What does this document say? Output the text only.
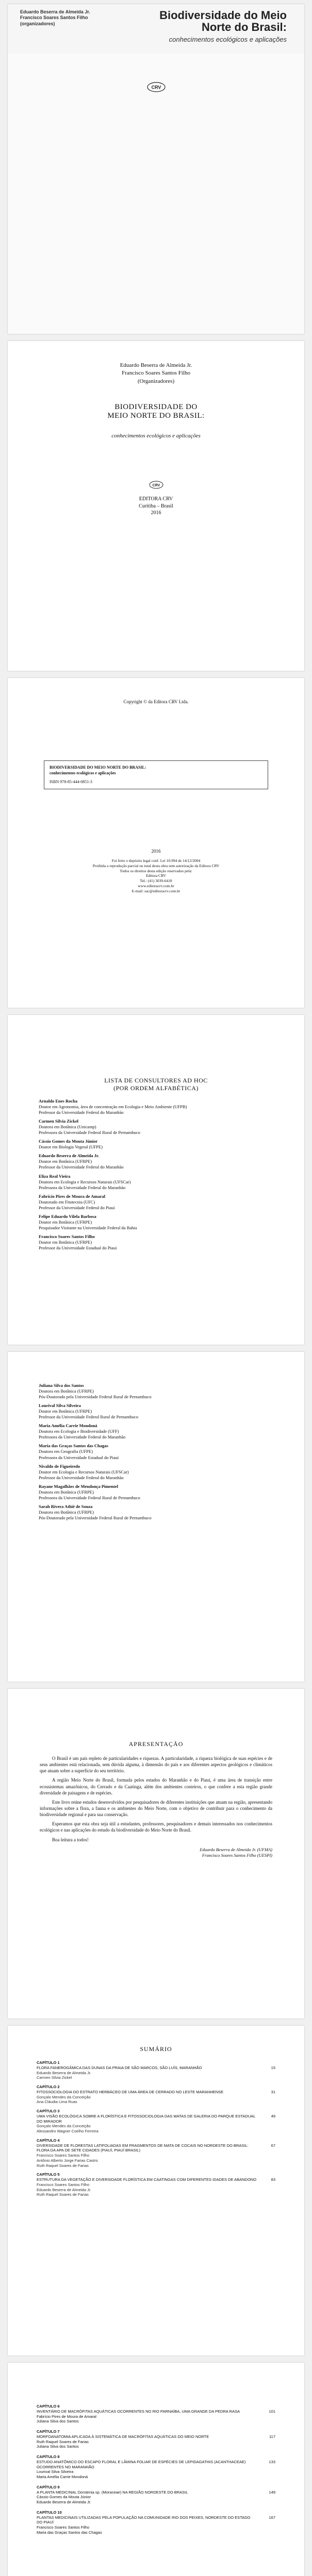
Eduardo Beserra de Almeida Jr.
Francisco Soares Santos Filho
(organizadores)
Biodiversidade do Meio Norte do Brasil:
conhecimentos ecológicos e aplicações
CRV
Eduardo Beserra de Almeida Jr.
Francisco Soares Santos Filho
(Organizadores)
BIODIVERSIDADE DO
MEIO NORTE DO BRASIL:
conhecimentos ecológicos e aplicações
CRV
EDITORA CRV
Curitiba – Brasil
2016
Copyright © da Editora CRV Ltda.
BIODIVERSIDADE DO MEIO NORTE DO BRASIL:
conhecimentos ecológicos e aplicações
ISBN 978-85-444-0851-3
2016
Foi feito o depósito legal conf. Lei 10.994 de 14/12/2004
Proibida a reprodução parcial ou total desta obra sem autorização da Editora CRV
Todos os direitos desta edição reservados pela:
Editora CRV
Tel.: (41) 3039-6418
www.editoracrv.com.br
E-mail: sac@editoracrv.com.br
LISTA DE CONSULTORES AD HOC
(POR ORDEM ALFABÉTICA)
Arnaldo Enes Rocha
Doutor em Agronomia, área de concentração em Ecologia e Meio Ambiente (UFPB)
Professor da Universidade Federal do Maranhão
Carmen Silvia Zickel
Doutora em Botânica (Unicamp)
Professora da Universidade Federal Rural de Pernambuco
Cássio Gomes da Mouta Júnior
Doutor em Biologia Vegetal (UFPE)
Eduardo Beserra de Almeida Jr.
Doutor em Botânica (UFRPE)
Professor da Universidade Federal do Maranhão
Eliza Real Vieira
Doutora em Ecologia e Recursos Naturais (UFSCar)
Professora da Universidade Federal do Maranhão
Fabrício Pires de Moura de Amaral
Doutorado em Fitotecnia (UFC)
Professor da Universidade Federal do Piauí
Felipe Eduardo Vilela Barbosa
Doutor em Botânica (UFRPE)
Pesquisador Visitante na Universidade Federal da Bahia
Francisco Soares Santos Filho
Doutor em Botânica (UFRPE)
Professor da Universidade Estadual do Piauí
Juliana Silva dos Santos
Doutora em Botânica (UFRPE)
Pós-Doutorado pela Universidade Federal Rural de Pernambuco
Lourival Silva Silveira
Doutor em Botânica (UFRPE)
Professor da Universidade Federal Rural de Pernambuco
Maria Amélia Carrie Mondoná
Doutora em Ecologia e Biodiversidade (UFF)
Professora da Universidade Federal do Maranhão
Maria das Graças Santos das Chagas
Doutora em Geografia (UFPE)
Professora da Universidade Estadual do Piauí
Nivaldo de Figueiredo
Doutor em Ecologia e Recursos Naturais (UFSCar)
Professor da Universidade Federal do Maranhão
Rayane Magalhães de Mendonça Pimentel
Doutora em Botânica (UFRPE)
Professora da Universidade Federal Rural de Pernambuco
Sarah Rivera Athié de Souza
Doutora em Botânica (UFRPE)
Pós-Doutorado pela Universidade Federal Rural de Pernambuco
APRESENTAÇÃO

O Brasil é um país repleto de particularidades e riquezas. A particularidade, a riqueza biológica de suas espécies e de seus ambientes está relacionada, sem dúvida alguma, à dimensão do país e aos diferentes aspectos geológicos e climáticos que atuam sobre a superfície do seu território.

A região Meio Norte do Brasil, formada pelos estados do Maranhão e do Piauí, é uma área de transição entre ecossistemas amazônicos, do Cerrado e da Caatinga, além dos ambientes costeiros, o que confere a esta região grande diversidade de paisagens e de espécies.

Este livro reúne estudos desenvolvidos por pesquisadores de diferentes instituições que atuam na região, apresentando informações sobre a flora, a fauna e os ambientes do Meio Norte, com o objetivo de contribuir para o conhecimento da biodiversidade regional e para sua conservação.

Esperamos que esta obra seja útil a estudantes, professores, pesquisadores e demais interessados nos conhecimentos ecológicos e nas aplicações do estudo da biodiversidade do Meio Norte do Brasil.

Boa leitura a todos!

Eduardo Beserra de Almeida Jr. (UFMA)
Francisco Soares Santos Filho (UESPI)
SUMÁRIO
CAPÍTULO 1
FLORA FANEROGÂMICA DAS DUNAS DA PRAIA DE SÃO MARCOS, SÃO LUÍS, MARANHÃO	15
Eduardo Beserra de Almeida Jr.
Carmen Silvia Zickel
CAPÍTULO 2
FITOSSOCIOLOGIA DO ESTRATO HERBÁCEO DE UMA ÁREA DE CERRADO NO LESTE MARANHENSE	31
Gonçalo Mendes da Conceição
Ana Cláudia Lima Ruas
CAPÍTULO 3
UMA VISÃO ECOLÓGICA SOBRE A FLORÍSTICA E FITOSSOCIOLOGIA DAS MATAS DE GALERIA DO PARQUE ESTADUAL DO MIRADOR
49
Gonçalo Mendes da Conceição
Alessandro Wagner Coelho Ferreira
CAPÍTULO 4
DIVERSIDADE DE FLORESTAS LATIFOLIADAS EM FRAGMENTOS DE MATA DE COCAIS NO NORDESTE DO BRASIL: FLORA DA APA DE SETE CIDADES (PIAUÍ, PIAUÍ BRASIL)
67
Francisco Soares Santos Filho
Antônio Alberto Jorge Farias Castro
Ruth Raquel Soares de Farias
CAPÍTULO 5
ESTRUTURA DA VEGETAÇÃO E DIVERSIDADE FLORÍSTICA EM CAATINGAS COM DIFERENTES IDADES DE ABANDONO	83
Francisco Soares Santos Filho
Eduardo Beserra de Almeida Jr.
Ruth Raquel Soares de Farias
CAPÍTULO 6
INVENTÁRIO DE MACRÓFITAS AQUÁTICAS OCORRENTES NO RIO PARNAÍBA, UMA GRANDE DA PEDRA RASA	101
Fabrício Pires de Moura de Amaral
Juliana Silva dos Santos
CAPÍTULO 7
MORFOANATOMIA APLICADA À SISTEMÁTICA DE MACRÓFITAS AQUÁTICAS DO MEIO NORTE	117
Ruth Raquel Soares de Farias
Juliana Silva dos Santos
CAPÍTULO 8
ESTUDO ANATÔMICO DO ESCAPO FLORAL E LÂMINA FOLIAR DE ESPÉCIES DE LEPIDAGATHIS (ACANTHACEAE) OCORRENTES NO MARANHÃO
133
Lourival Silva Silveira
Maria Amélia Carrie Mondoná
CAPÍTULO 9
A PLANTA MEDICINAL Dorstenia sp. (Moraceae) NA REGIÃO NORDESTE DO BRASIL	149
Cássio Gomes da Mouta Júnior
Eduardo Beserra de Almeida Jr.
CAPÍTULO 10
PLANTAS MEDICINAIS UTILIZADAS PELA POPULAÇÃO NA COMUNIDADE RIO DOS PEIXES, NORDESTE DO ESTADO DO PIAUÍ
167
Francisco Soares Santos Filho
Maria das Graças Santos das Chagas
